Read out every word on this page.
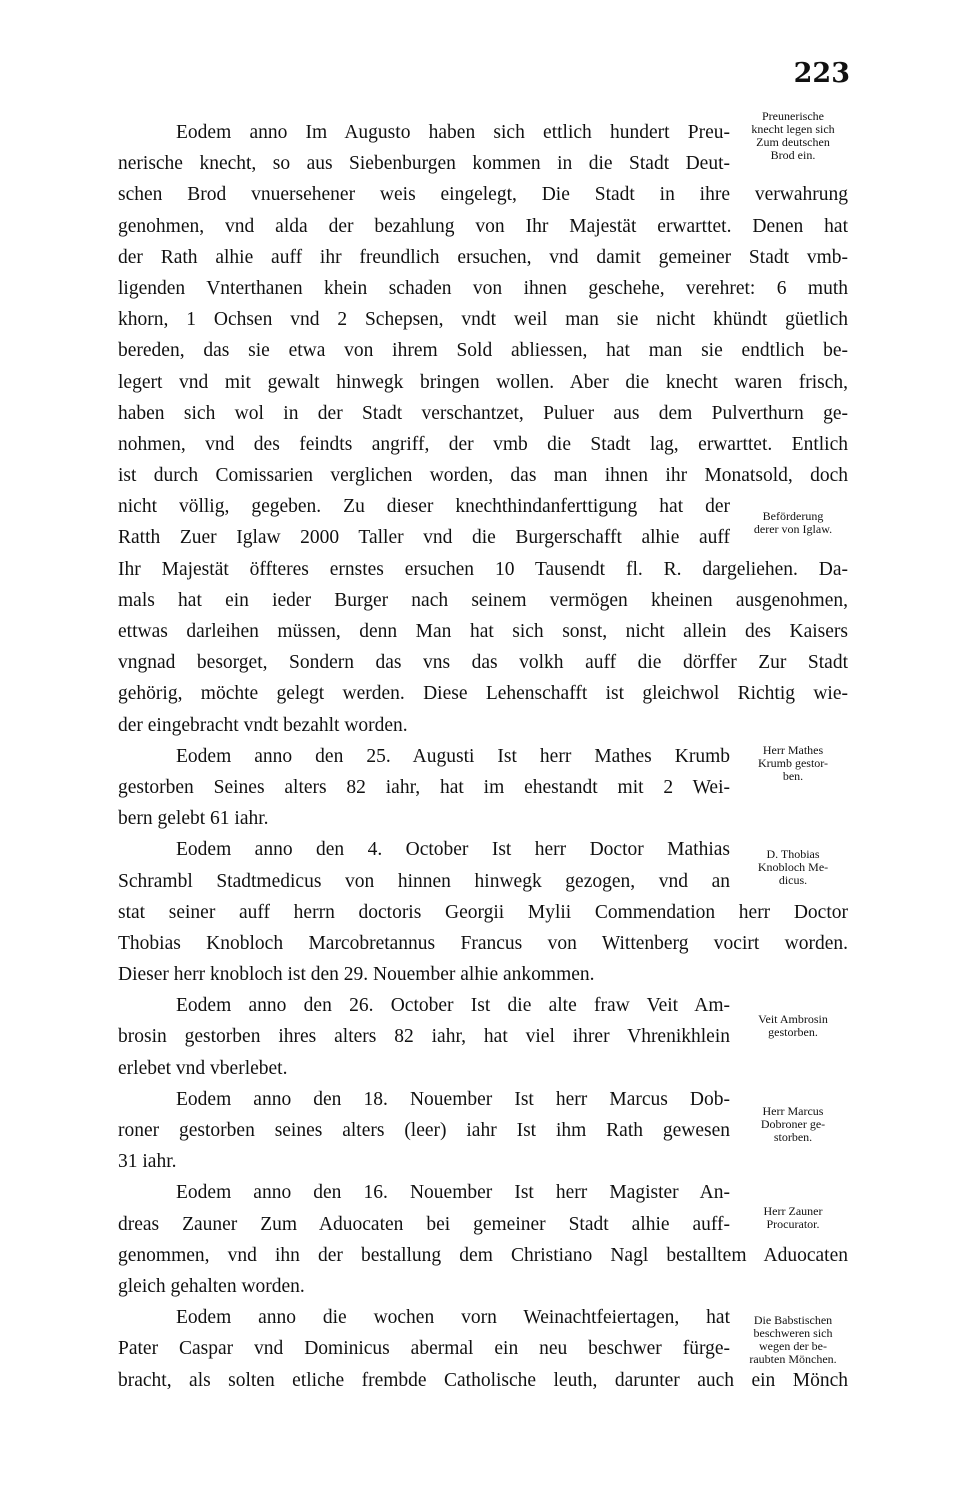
223
Eodem anno Im Augusto haben sich ettlich hundert Preu-
nerische knecht, so aus Siebenburgen kommen in die Stadt Deut-
schen Brod vnuersehener weis eingelegt, Die Stadt in ihre verwahrung
genohmen, vnd alda der bezahlung von Ihr Majestät erwarttet. Denen hat
der Rath alhie auff ihr freundlich ersuchen, vnd damit gemeiner Stadt vmb-
ligenden Vnterthanen khein schaden von ihnen geschehe, verehret: 6 muth
khorn, 1 Ochsen vnd 2 Schepsen, vndt weil man sie nicht khündt güetlich
bereden, das sie etwa von ihrem Sold abliessen, hat man sie endtlich be-
legert vnd mit gewalt hinwegk bringen wollen. Aber die knecht waren frisch,
haben sich wol in der Stadt verschantzet, Puluer aus dem Pulverthurn ge-
nohmen, vnd des feindts angriff, der vmb die Stadt lag, erwarttet. Entlich
ist durch Comissarien verglichen worden, das man ihnen ihr Monatsold, doch
nicht völlig, gegeben. Zu dieser knechthindanferttigung hat der
Ratth Zuer Iglaw 2000 Taller vnd die Burgerschafft alhie auff
Ihr Majestät öffteres ernstes ersuchen 10 Tausendt fl. R. dargeliehen. Da-
mals hat ein ieder Burger nach seinem vermögen kheinen ausgenohmen,
ettwas darleihen müssen, denn Man hat sich sonst, nicht allein des Kaisers
vngnad besorget, Sondern das vns das volkh auff die dörffer Zur Stadt
gehörig, möchte gelegt werden. Diese Lehenschafft ist gleichwol Richtig wie-
der eingebracht vndt bezahlt worden.
Eodem anno den 25. Augusti Ist herr Mathes Krumb
gestorben Seines alters 82 iahr, hat im ehestandt mit 2 Wei-
bern gelebt 61 iahr.
Eodem anno den 4. October Ist herr Doctor Mathias
Schrambl Stadtmedicus von hinnen hinwegk gezogen, vnd an
stat seiner auff herrn doctoris Georgii Mylii Commendation herr Doctor
Thobias Knobloch Marcobretannus Francus von Wittenberg vocirt worden.
Dieser herr knobloch ist den 29. Nouember alhie ankommen.
Eodem anno den 26. October Ist die alte fraw Veit Am-
brosin gestorben ihres alters 82 iahr, hat viel ihrer Vhrenikhlein
erlebet vnd vberlebet.
Eodem anno den 18. Nouember Ist herr Marcus Dob-
roner gestorben seines alters (leer) iahr Ist ihm Rath gewesen
31 iahr.
Eodem anno den 16. Nouember Ist herr Magister An-
dreas Zauner Zum Aduocaten bei gemeiner Stadt alhie auff-
genommen, vnd ihn der bestallung dem Christiano Nagl bestalltem Aduocaten
gleich gehalten worden.
Eodem anno die wochen vorn Weinachtfeiertagen, hat
Pater Caspar vnd Dominicus abermal ein neu beschwer fürge-
bracht, als solten etliche frembde Catholische leuth, darunter auch ein Mönch
Preunerische
knecht legen sich
Zum deutschen
Brod ein.
Beförderung
derer von Iglaw.
Herr Mathes
Krumb gestor-
ben.
D. Thobias
Knobloch Me-
dicus.
Veit Ambrosin
gestorben.
Herr Marcus
Dobroner ge-
storben.
Herr Zauner
Procurator.
Die Babstischen
beschweren sich
wegen der be-
raubten Mönchen.
